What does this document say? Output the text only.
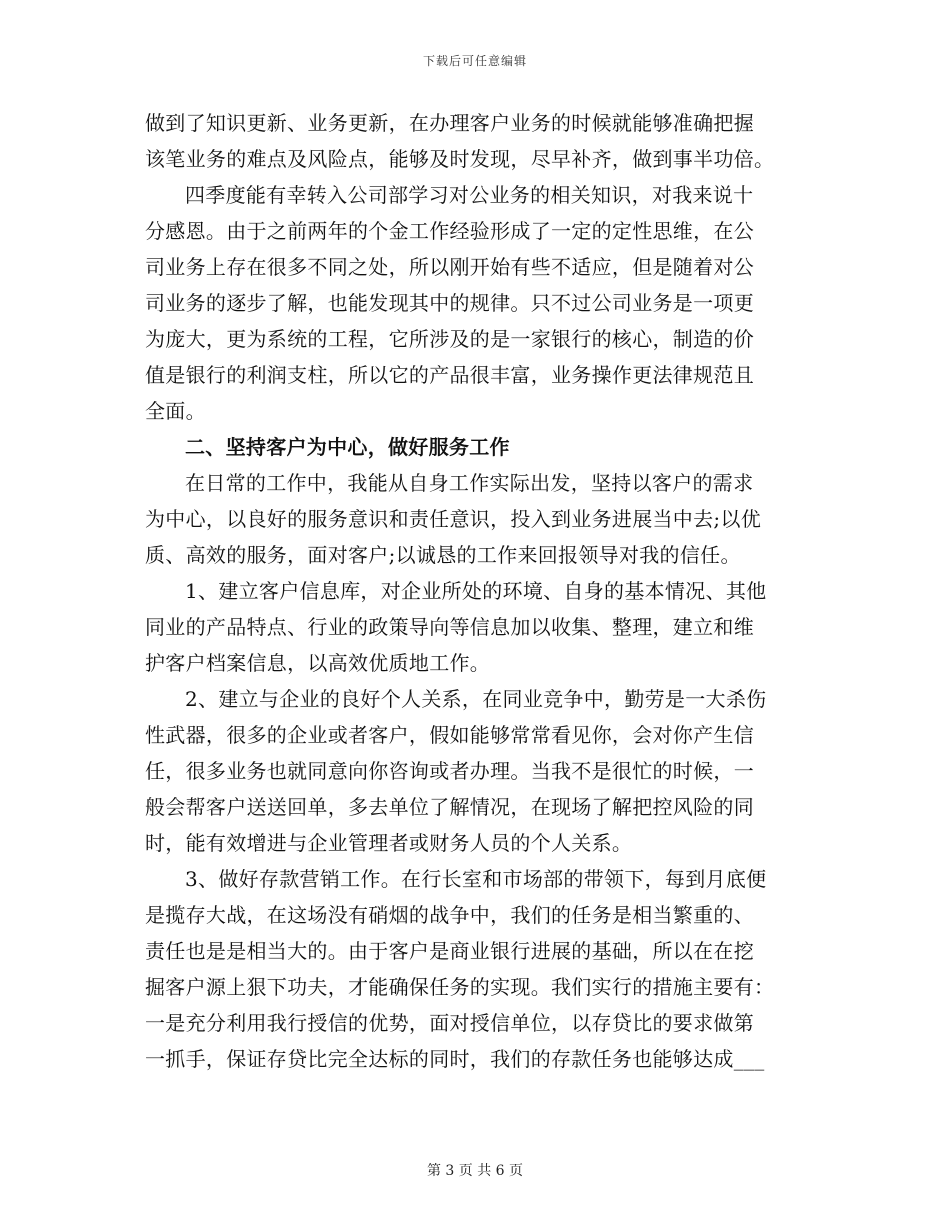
下载后可任意编辑
做到了知识更新、业务更新，在办理客户业务的时候就能够准确把握
该笔业务的难点及风险点，能够及时发现，尽早补齐，做到事半功倍。
四季度能有幸转入公司部学习对公业务的相关知识，对我来说十
分感恩。由于之前两年的个金工作经验形成了一定的定性思维，在公
司业务上存在很多不同之处，所以刚开始有些不适应，但是随着对公
司业务的逐步了解，也能发现其中的规律。只不过公司业务是一项更
为庞大，更为系统的工程，它所涉及的是一家银行的核心，制造的价
值是银行的利润支柱，所以它的产品很丰富，业务操作更法律规范且
全面。
二、坚持客户为中心，做好服务工作
在日常的工作中，我能从自身工作实际出发，坚持以客户的需求
为中心，以良好的服务意识和责任意识，投入到业务进展当中去;以优
质、高效的服务，面对客户;以诚恳的工作来回报领导对我的信任。
1、建立客户信息库，对企业所处的环境、自身的基本情况、其他
同业的产品特点、行业的政策导向等信息加以收集、整理，建立和维
护客户档案信息，以高效优质地工作。
2、建立与企业的良好个人关系，在同业竞争中，勤劳是一大杀伤
性武器，很多的企业或者客户，假如能够常常看见你，会对你产生信
任，很多业务也就同意向你咨询或者办理。当我不是很忙的时候，一
般会帮客户送送回单，多去单位了解情况，在现场了解把控风险的同
时，能有效增进与企业管理者或财务人员的个人关系。
3、做好存款营销工作。在行长室和市场部的带领下，每到月底便
是揽存大战，在这场没有硝烟的战争中，我们的任务是相当繁重的、
责任也是是相当大的。由于客户是商业银行进展的基础，所以在在挖
掘客户源上狠下功夫，才能确保任务的实现。我们实行的措施主要有：
一是充分利用我行授信的优势，面对授信单位，以存贷比的要求做第
一抓手，保证存贷比完全达标的同时，我们的存款任务也能够达成___
第 3 页 共 6 页
